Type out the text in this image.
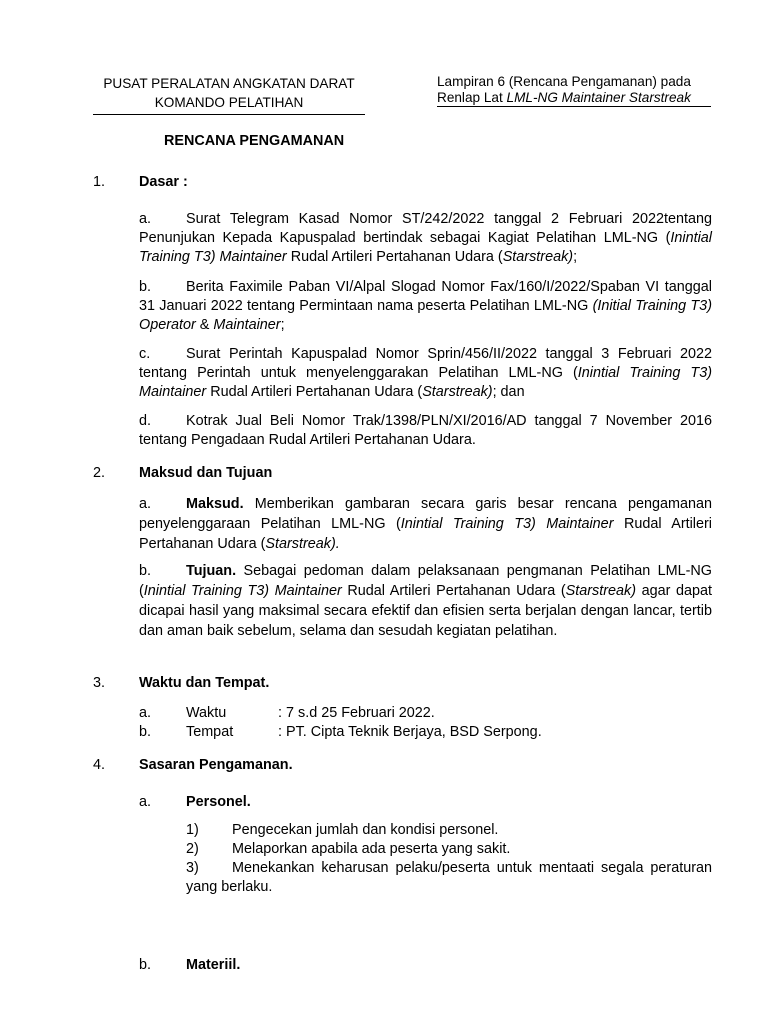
PUSAT PERALATAN ANGKATAN DARAT
KOMANDO PELATIHAN
Lampiran 6 (Rencana Pengamanan) pada
Renlap Lat LML-NG Maintainer Starstreak
RENCANA PENGAMANAN
1. Dasar :
a. Surat Telegram Kasad Nomor ST/242/2022 tanggal 2 Februari 2022tentang Penunjukan Kepada Kapuspalad bertindak sebagai Kagiat Pelatihan LML-NG (Inintial Training T3) Maintainer Rudal Artileri Pertahanan Udara (Starstreak);
b. Berita Faximile Paban VI/Alpal Slogad Nomor Fax/160/I/2022/Spaban VI tanggal 31 Januari 2022 tentang Permintaan nama peserta Pelatihan LML-NG (Initial Training T3) Operator & Maintainer;
c. Surat Perintah Kapuspalad Nomor Sprin/456/II/2022 tanggal 3 Februari 2022 tentang Perintah untuk menyelenggarakan Pelatihan LML-NG (Inintial Training T3) Maintainer Rudal Artileri Pertahanan Udara (Starstreak); dan
d. Kotrak Jual Beli Nomor Trak/1398/PLN/XI/2016/AD tanggal 7 November 2016 tentang Pengadaan Rudal Artileri Pertahanan Udara.
2. Maksud dan Tujuan
a. Maksud. Memberikan gambaran secara garis besar rencana pengamanan penyelenggaraan Pelatihan LML-NG (Inintial Training T3) Maintainer Rudal Artileri Pertahanan Udara (Starstreak).
b. Tujuan. Sebagai pedoman dalam pelaksanaan pengmanan Pelatihan LML-NG (Inintial Training T3) Maintainer Rudal Artileri Pertahanan Udara (Starstreak) agar dapat dicapai hasil yang maksimal secara efektif dan efisien serta berjalan dengan lancar, tertib dan aman baik sebelum, selama dan sesudah kegiatan pelatihan.
3. Waktu dan Tempat.
a. Waktu	: 7 s.d 25 Februari 2022.
b. Tempat	: PT. Cipta Teknik Berjaya, BSD Serpong.
4. Sasaran Pengamanan.
a. Personel.
1) Pengecekan jumlah dan kondisi personel.
2) Melaporkan apabila ada peserta yang sakit.
3)	Menekankan keharusan pelaku/peserta untuk mentaati segala peraturan yang berlaku.
b. Materiil.
